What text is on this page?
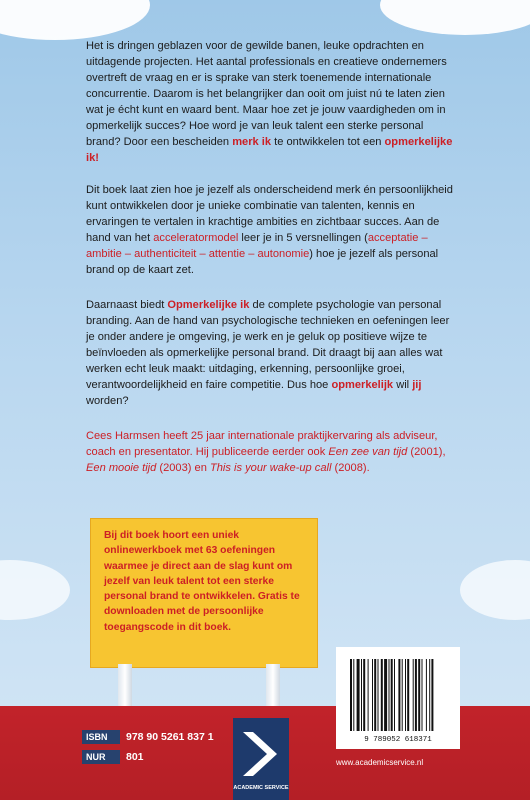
Het is dringen geblazen voor de gewilde banen, leuke opdrachten en uitdagende projecten. Het aantal professionals en creatieve ondernemers overtreft de vraag en er is sprake van sterk toenemende internationale concurrentie. Daarom is het belangrijker dan ooit om juist nú te laten zien wat je écht kunt en waard bent. Maar hoe zet je jouw vaardigheden om in opmerkelijk succes? Hoe word je van leuk talent een sterke personal brand? Door een bescheiden merk ik te ontwikkelen tot een opmerkelijke ik!

Dit boek laat zien hoe je jezelf als onderscheidend merk én persoonlijkheid kunt ontwikkelen door je unieke combinatie van talenten, kennis en ervaringen te vertalen in krachtige ambities en zichtbaar succes. Aan de hand van het acceleratormodel leer je in 5 versnellingen (acceptatie – ambitie – authenticiteit – attentie – autonomie) hoe je jezelf als personal brand op de kaart zet.

Daarnaast biedt Opmerkelijke ik de complete psychologie van personal branding. Aan de hand van psychologische technieken en oefeningen leer je onder andere je omgeving, je werk en je geluk op positieve wijze te beïnvloeden als opmerkelijke personal brand. Dit draagt bij aan alles wat werken echt leuk maakt: uitdaging, erkenning, persoonlijke groei, verantwoordelijkheid en faire competitie. Dus hoe opmerkelijk wil jij worden?

Cees Harmsen heeft 25 jaar internationale praktijkervaring als adviseur, coach en presentator. Hij publiceerde eerder ook Een zee van tijd (2001), Een mooie tijd (2003) en This is your wake-up call (2008).

Bij dit boek hoort een uniek onlinewerkboek met 63 oefeningen waarmee je direct aan de slag kunt om jezelf van leuk talent tot een sterke personal brand te ontwikkelen. Gratis te downloaden met de persoonlijke toegangscode in dit boek.
ISBN	978 90 5261 837 1
NUR	801
ACADEMIC SERVICE
9 789052 618371
www.academicservice.nl
